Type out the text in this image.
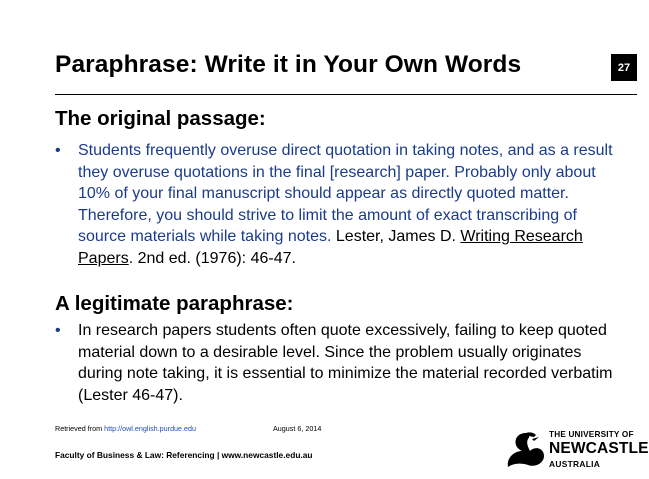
Paraphrase: Write it in Your Own Words	27
The original passage:
• Students frequently overuse direct quotation in taking notes, and as a result they overuse quotations in the final [research] paper. Probably only about 10% of your final manuscript should appear as directly quoted matter. Therefore, you should strive to limit the amount of exact transcribing of source materials while taking notes. Lester, James D. Writing Research Papers. 2nd ed. (1976): 46-47.
A legitimate paraphrase:
• In research papers students often quote excessively, failing to keep quoted material down to a desirable level. Since the problem usually originates during note taking, it is essential to minimize the material recorded verbatim (Lester 46-47).
Retrieved from http://owl.english.purdue.edu	August 6, 2014
Faculty of Business & Law: Referencing | www.newcastle.edu.au
THE UNIVERSITY OF
NEWCASTLE
AUSTRALIA
